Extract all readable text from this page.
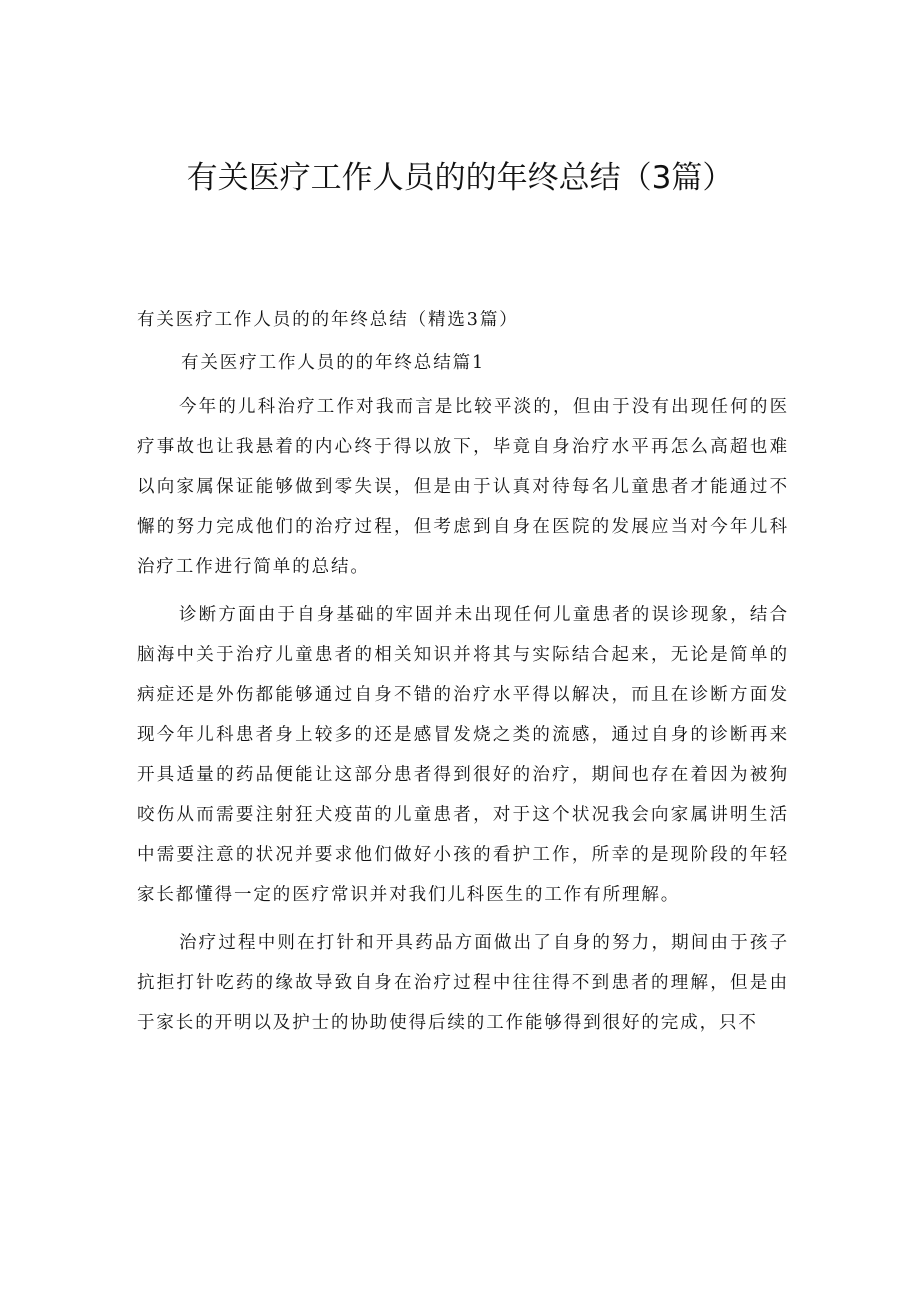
有关医疗工作人员的的年终总结（3篇）
有关医疗工作人员的的年终总结（精选3篇）
有关医疗工作人员的的年终总结篇1

今年的儿科治疗工作对我而言是比较平淡的，但由于没有出现任何的医疗事故也让我悬着的内心终于得以放下，毕竟自身治疗水平再怎么高超也难以向家属保证能够做到零失误，但是由于认真对待每名儿童患者才能通过不懈的努力完成他们的治疗过程，但考虑到自身在医院的发展应当对今年儿科治疗工作进行简单的总结。

诊断方面由于自身基础的牢固并未出现任何儿童患者的误诊现象，结合脑海中关于治疗儿童患者的相关知识并将其与实际结合起来，无论是简单的病症还是外伤都能够通过自身不错的治疗水平得以解决，而且在诊断方面发现今年儿科患者身上较多的还是感冒发烧之类的流感，通过自身的诊断再来开具适量的药品便能让这部分患者得到很好的治疗，期间也存在着因为被狗咬伤从而需要注射狂犬疫苗的儿童患者，对于这个状况我会向家属讲明生活中需要注意的状况并要求他们做好小孩的看护工作，所幸的是现阶段的年轻家长都懂得一定的医疗常识并对我们儿科医生的工作有所理解。

治疗过程中则在打针和开具药品方面做出了自身的努力，期间由于孩子抗拒打针吃药的缘故导致自身在治疗过程中往往得不到患者的理解，但是由于家长的开明以及护士的协助使得后续的工作能够得到很好的完成，只不
